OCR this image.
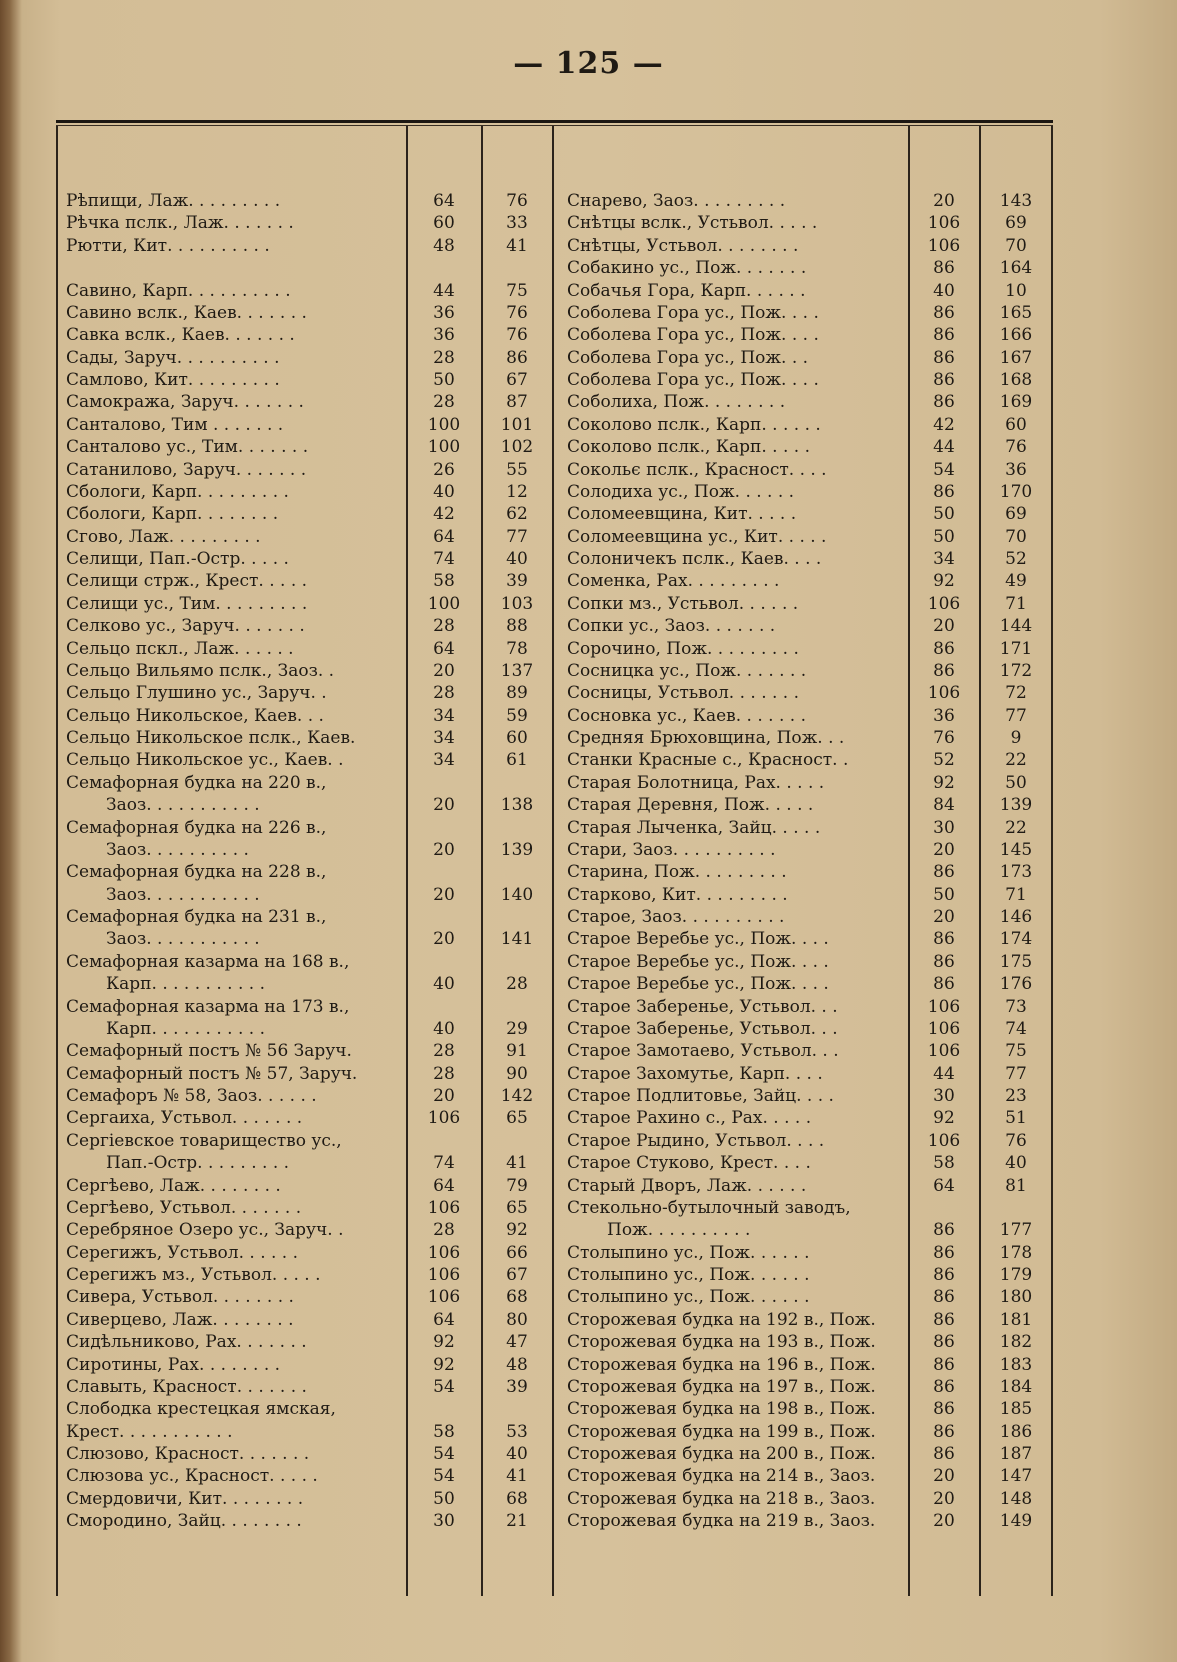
— 125 —
Рѣпищи, Лаж. . . . . . . . .
Рѣчка пслк., Лаж. . . . . . .
Рютти, Кит. . . . . . . . . .
Савино, Карп. . . . . . . . . .
Савино вслк., Каев. . . . . . .
Савка вслк., Каев. . . . . . .
Сады, Заруч. . . . . . . . . .
Самлово, Кит. . . . . . . . .
Самокража, Заруч. . . . . . .
Санталово, Тим . . . . . . .
Санталово ус., Тим. . . . . . .
Сатанилово, Заруч. . . . . . .
Сбологи, Карп. . . . . . . . .
Сбологи, Карп. . . . . . . .
Сгово, Лаж. . . . . . . . .
Селищи, Пап.-Остр. . . . .
Селищи стрж., Крест. . . . .
Селищи ус., Тим. . . . . . . . .
Селково ус., Заруч. . . . . . .
Сельцо пскл., Лаж. . . . . .
Сельцо Вильямо пслк., Заоз. .
Сельцо Глушино ус., Заруч. .
Сельцо Никольское, Каев. . .
Сельцо Никольское пслк., Каев.
Сельцо Никольское ус., Каев. .
Семафорная будка на 220 в.,
Заоз. . . . . . . . . . .
Семафорная будка на 226 в.,
Заоз. . . . . . . . . .
Семафорная будка на 228 в.,
Заоз. . . . . . . . . . .
Семафорная будка на 231 в.,
Заоз. . . . . . . . . . .
Семафорная казарма на 168 в.,
Карп. . . . . . . . . . .
Семафорная казарма на 173 в.,
Карп. . . . . . . . . . .
Семафорный постъ № 56 Заруч.
Семафорный постъ № 57, Заруч.
Семафоръ № 58, Заоз. . . . . .
Сергаиха, Устьвол. . . . . . .
Сергіевское товарищество ус.,
Пап.-Остр. . . . . . . . .
Сергѣево, Лаж. . . . . . . .
Сергѣево, Устьвол. . . . . . .
Серебряное Озеро ус., Заруч. .
Серегижъ, Устьвол. . . . . .
Серегижъ мз., Устьвол. . . . .
Сивера, Устьвол. . . . . . . .
Сиверцево, Лаж. . . . . . . .
Сидѣльниково, Рах. . . . . . .
Сиротины, Рах. . . . . . . .
Славыть, Красност. . . . . . .
Слободка крестецкая ямская,
Крест. . . . . . . . . . .
Слюзово, Красност. . . . . . .
Слюзова ус., Красност. . . . .
Смердовичи, Кит. . . . . . . .
Смородино, Зайц. . . . . . . .
64
60
48
44
36
36
28
50
28
100
100
26
40
42
64
74
58
100
28
64
20
28
34
34
34
20
20
20
20
40
40
28
28
20
106
74
64
106
28
106
106
106
64
92
92
54
58
54
54
50
30
76
33
41
75
76
76
86
67
87
101
102
55
12
62
77
40
39
103
88
78
137
89
59
60
61
138
139
140
141
28
29
91
90
142
65
41
79
65
92
66
67
68
80
47
48
39
53
40
41
68
21
Снарево, Заоз. . . . . . . . .
Снѣтцы вслк., Устьвол. . . . .
Снѣтцы, Устьвол. . . . . . . .
Собакино ус., Пож. . . . . . .
Собачья Гора, Карп. . . . . .
Соболева Гора ус., Пож. . . .
Соболева Гора ус., Пож. . . .
Соболева Гора ус., Пож. . .
Соболева Гора ус., Пож. . . .
Соболиха, Пож. . . . . . . .
Соколово пслк., Карп. . . . . .
Соколово пслк., Карп. . . . .
Сокольє пслк., Красност. . . .
Солодиха ус., Пож. . . . . .
Соломеевщина, Кит. . . . .
Соломеевщина ус., Кит. . . . .
Солоничекъ пслк., Каев. . . .
Соменка, Рах. . . . . . . . .
Сопки мз., Устьвол. . . . . .
Сопки ус., Заоз. . . . . . .
Сорочино, Пож. . . . . . . . .
Сосницка ус., Пож. . . . . . .
Сосницы, Устьвол. . . . . . .
Сосновка ус., Каев. . . . . . .
Средняя Брюховщина, Пож. . .
Станки Красные с., Красност. .
Старая Болотница, Рах. . . . .
Старая Деревня, Пож. . . . .
Старая Лыченка, Зайц. . . . .
Стари, Заоз. . . . . . . . . .
Старина, Пож. . . . . . . . .
Старково, Кит. . . . . . . . .
Старое, Заоз. . . . . . . . . .
Старое Веребье ус., Пож. . . .
Старое Веребье ус., Пож. . . .
Старое Веребье ус., Пож. . . .
Старое Заберенье, Устьвол. . .
Старое Заберенье, Устьвол. . .
Старое Замотаево, Устьвол. . .
Старое Захомутье, Карп. . . .
Старое Подлитовье, Зайц. . . .
Старое Рахино с., Рах. . . . .
Старое Рыдино, Устьвол. . . .
Старое Стуково, Крест. . . .
Старый Дворъ, Лаж. . . . . .
Стекольно-бутылочный заводъ,
Пож. . . . . . . . . .
Столыпино ус., Пож. . . . . .
Столыпино ус., Пож. . . . . .
Столыпино ус., Пож. . . . . .
Сторожевая будка на 192 в., Пож.
Сторожевая будка на 193 в., Пож.
Сторожевая будка на 196 в., Пож.
Сторожевая будка на 197 в., Пож.
Сторожевая будка на 198 в., Пож.
Сторожевая будка на 199 в., Пож.
Сторожевая будка на 200 в., Пож.
Сторожевая будка на 214 в., Заоз.
Сторожевая будка на 218 в., Заоз.
Сторожевая будка на 219 в., Заоз.
20
106
106
86
40
86
86
86
86
86
42
44
54
86
50
50
34
92
106
20
86
86
106
36
76
52
92
84
30
20
86
50
20
86
86
86
106
106
106
44
30
92
106
58
64
86
86
86
86
86
86
86
86
86
86
86
20
20
20
143
69
70
164
10
165
166
167
168
169
60
76
36
170
69
70
52
49
71
144
171
172
72
77
9
22
50
139
22
145
173
71
146
174
175
176
73
74
75
77
23
51
76
40
81
177
178
179
180
181
182
183
184
185
186
187
147
148
149
